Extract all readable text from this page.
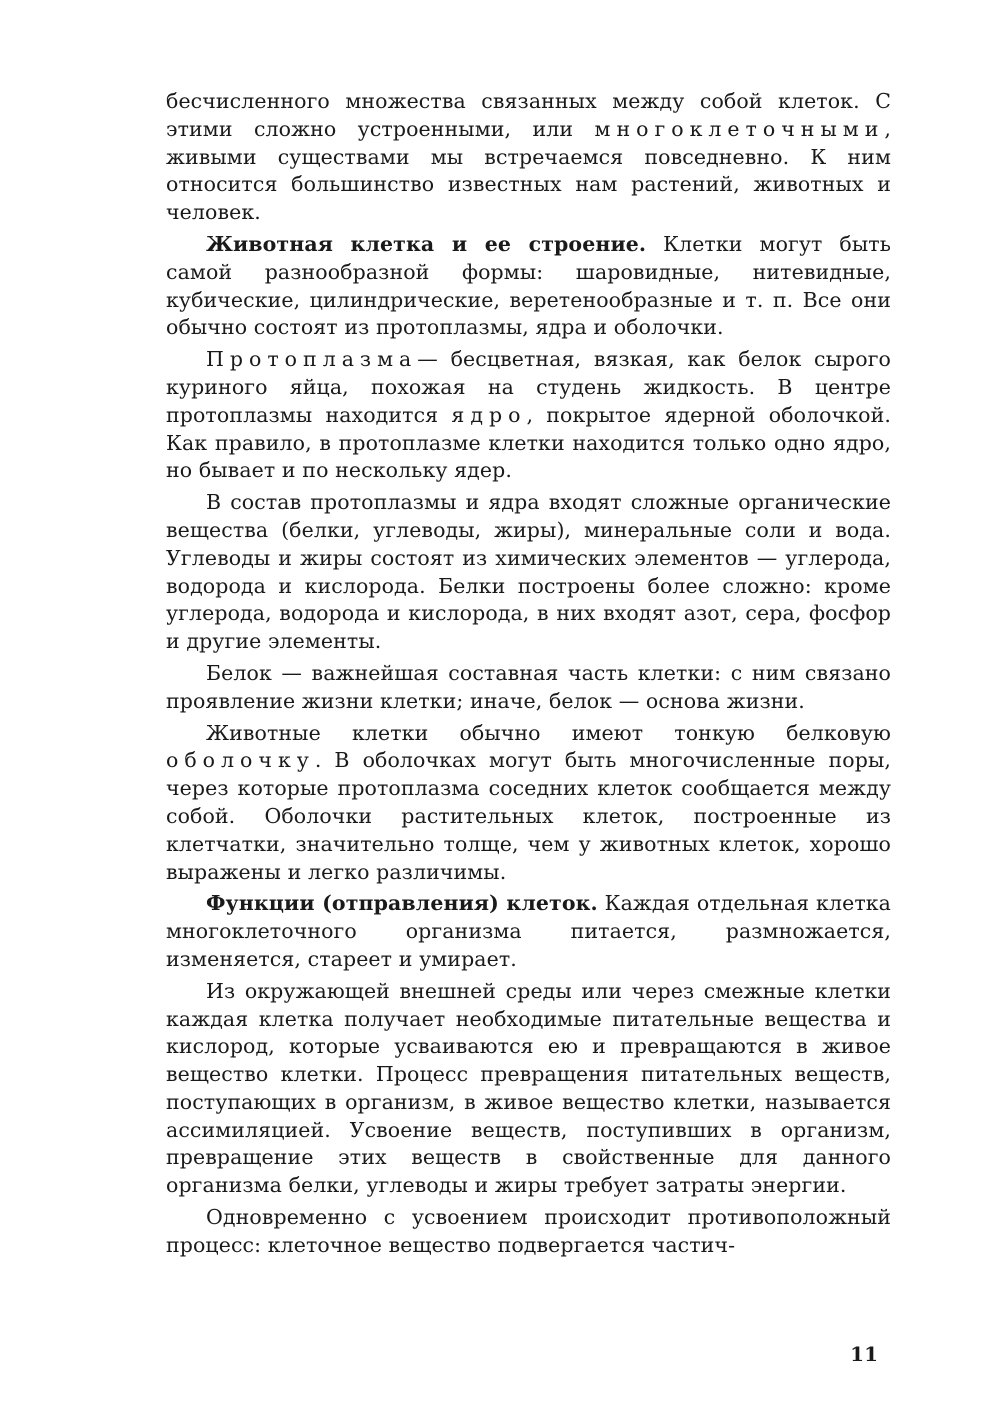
бесчисленного множества связанных между собой клеток. С этими сложно устроенными, или многоклеточными, живыми существами мы встречаемся повседневно. К ним относится большинство известных нам растений, животных и человек.

Животная клетка и ее строение. Клетки могут быть самой разнообразной формы: шаровидные, нитевидные, кубические, цилиндрические, веретенообразные и т. п. Все они обычно состоят из протоплазмы, ядра и оболочки.

Протоплазма— бесцветная, вязкая, как белок сырого куриного яйца, похожая на студень жидкость. В центре протоплазмы находится ядро, покрытое ядерной оболочкой. Как правило, в протоплазме клетки находится только одно ядро, но бывает и по нескольку ядер.

В состав протоплазмы и ядра входят сложные органические вещества (белки, углеводы, жиры), минеральные соли и вода. Углеводы и жиры состоят из химических элементов — углерода, водорода и кислорода. Белки построены более сложно: кроме углерода, водорода и кислорода, в них входят азот, сера, фосфор и другие элементы.

Белок — важнейшая составная часть клетки: с ним связано проявление жизни клетки; иначе, белок — основа жизни.

Животные клетки обычно имеют тонкую белковую оболочку. В оболочках могут быть многочисленные поры, через которые протоплазма соседних клеток сообщается между собой. Оболочки растительных клеток, построенные из клетчатки, значительно толще, чем у животных клеток, хорошо выражены и легко различимы.

Функции (отправления) клеток. Каждая отдельная клетка многоклеточного организма питается, размножается, изменяется, стареет и умирает.

Из окружающей внешней среды или через смежные клетки каждая клетка получает необходимые питательные вещества и кислород, которые усваиваются ею и превращаются в живое вещество клетки. Процесс превращения питательных веществ, поступающих в организм, в живое вещество клетки, называется ассимиляцией. Усвоение веществ, поступивших в организм, превращение этих веществ в свойственные для данного организма белки, углеводы и жиры требует затраты энергии.

Одновременно с усвоением происходит противоположный процесс: клеточное вещество подвергается частич-

11
